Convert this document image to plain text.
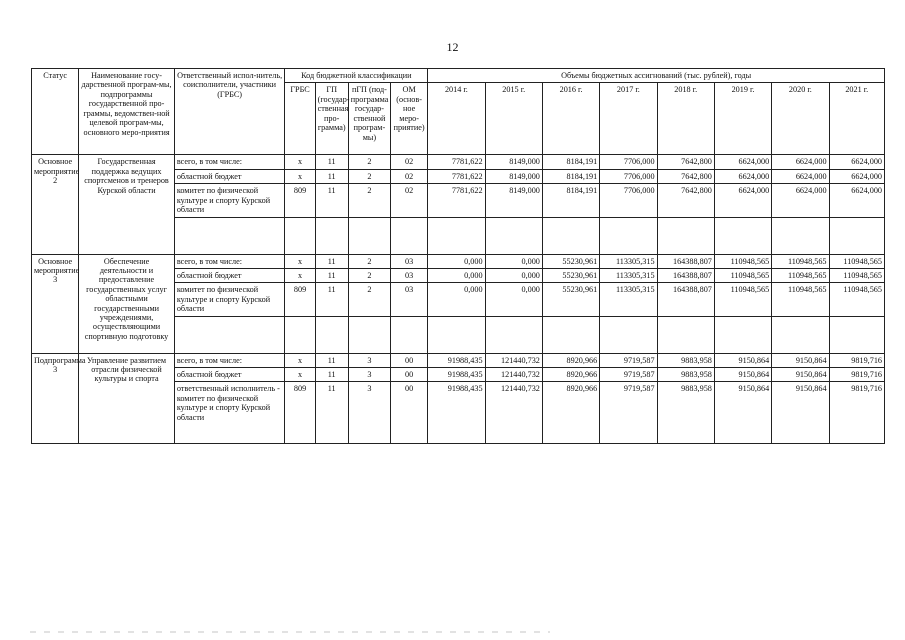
12
Статус	Наименование госу-дарственной програм-мы, подпрограммы государственной про-граммы, ведомствен-ной целевой програм-мы, основного меро-приятия	Ответственный испол-нитель, соисполнители, участники (ГРБС)	Код бюджетной классификации				Объемы бюджетных ассигнований (тыс. рублей), годы							
			ГРБС	ГП (государ-ственная про-грамма)	пГП (под-программа государ-ственной програм-мы)	ОМ (основ-ное меро-приятие)	2014 г.	2015 г.	2016 г.	2017 г.	2018 г.	2019 г.	2020 г.	2021 г.
Основное мероприятие 2	Государственная поддержка ведущих спортсменов и тренеров Курской области	всего, в том числе:	х	11	2	02	7781,622	8149,000	8184,191	7706,000	7642,800	6624,000	6624,000	6624,000
		областной бюджет	х	11	2	02	7781,622	8149,000	8184,191	7706,000	7642,800	6624,000	6624,000	6624,000
		комитет по физической культуре и спорту Курской области	809	11	2	02	7781,622	8149,000	8184,191	7706,000	7642,800	6624,000	6624,000	6624,000

Основное мероприятие 3	Обеспечение деятельности и предоставление государственных услуг областными государственными учреждениями, осуществляющими спортивную подготовку	всего, в том числе:	х	11	2	03	0,000	0,000	55230,961	113305,315	164388,807	110948,565	110948,565	110948,565
		областной бюджет	х	11	2	03	0,000	0,000	55230,961	113305,315	164388,807	110948,565	110948,565	110948,565
		комитет по физической культуре и спорту Курской области	809	11	2	03	0,000	0,000	55230,961	113305,315	164388,807	110948,565	110948,565	110948,565

Подпрограмма 3	Управление развитием отрасли физической культуры и спорта	всего, в том числе:	х	11	3	00	91988,435	121440,732	8920,966	9719,587	9883,958	9150,864	9150,864	9819,716
		областной бюджет	х	11	3	00	91988,435	121440,732	8920,966	9719,587	9883,958	9150,864	9150,864	9819,716
		ответственный исполнитель - комитет по физической культуре и спорту Курской области	809	11	3	00	91988,435	121440,732	8920,966	9719,587	9883,958	9150,864	9150,864	9819,716
